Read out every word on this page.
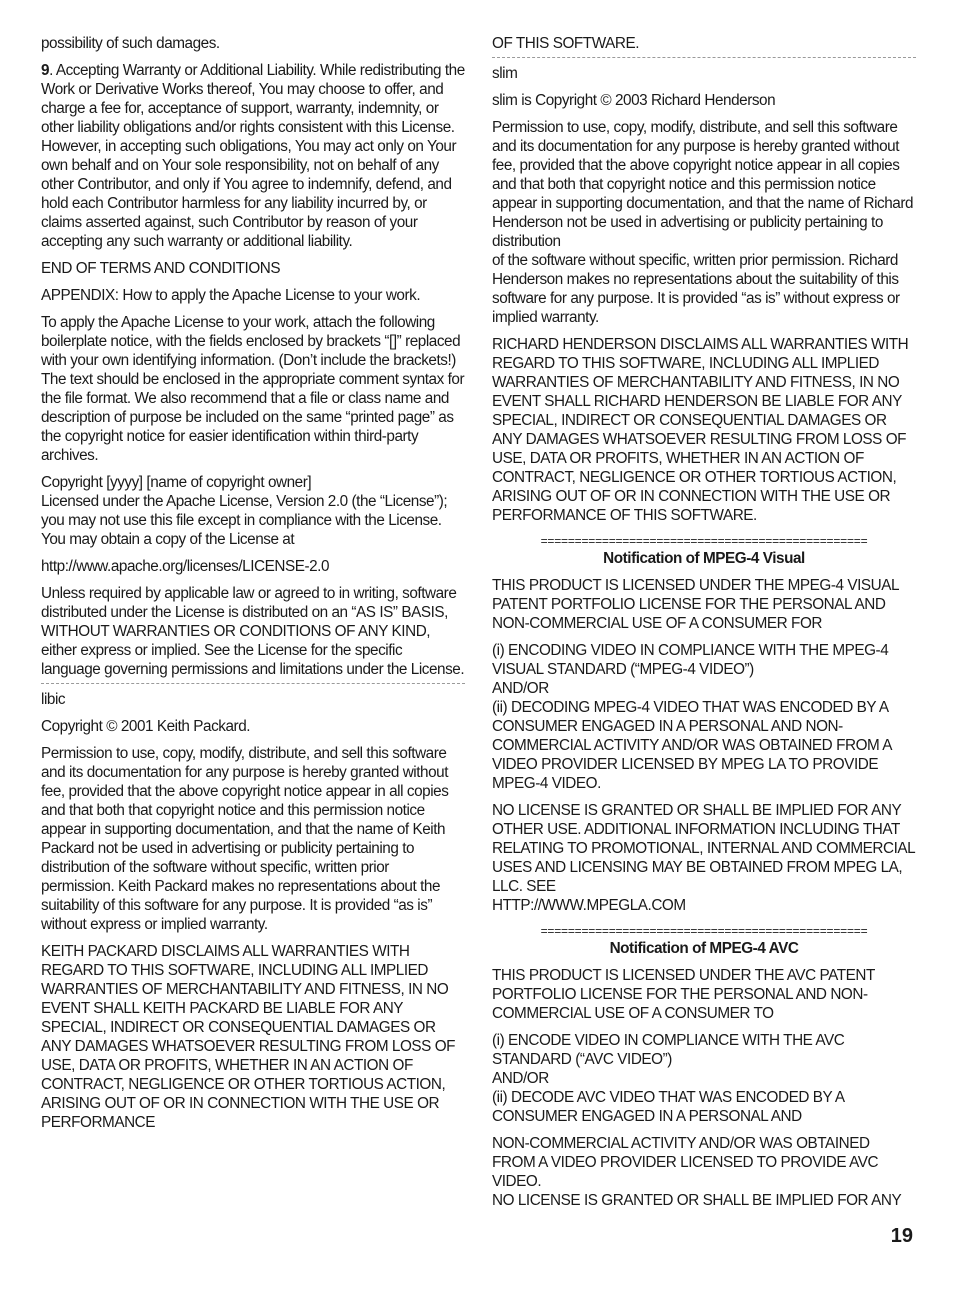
possibility of such damages.

9. Accepting Warranty or Additional Liability. While redistributing the Work or Derivative Works thereof, You may choose to offer, and charge a fee for, acceptance of support, warranty, indemnity, or other liability obligations and/or rights consistent with this License. However, in accepting such obligations, You may act only on Your own behalf and on Your sole responsibility, not on behalf of any other Contributor, and only if You agree to indemnify, defend, and hold each Contributor harmless for any liability incurred by, or claims asserted against, such Contributor by reason of your accepting any such warranty or additional liability.

END OF TERMS AND CONDITIONS

APPENDIX: How to apply the Apache License to your work.

To apply the Apache License to your work, attach the following boilerplate notice, with the fields enclosed by brackets “[]” replaced with your own identifying information. (Don’t include the brackets!) The text should be enclosed in the appropriate comment syntax for the file format. We also recommend that a file or class name and description of purpose be included on the same “printed page” as the copyright notice for easier identification within third-party archives.

Copyright [yyyy] [name of copyright owner]
Licensed under the Apache License, Version 2.0 (the “License”); you may not use this file except in compliance with the License.
You may obtain a copy of the License at

http://www.apache.org/licenses/LICENSE-2.0

Unless required by applicable law or agreed to in writing, software distributed under the License is distributed on an “AS IS” BASIS, WITHOUT WARRANTIES OR CONDITIONS OF ANY KIND, either express or implied. See the License for the specific language governing permissions and limitations under the License.

libic

Copyright © 2001 Keith Packard.

Permission to use, copy, modify, distribute, and sell this software and its documentation for any purpose is hereby granted without fee, provided that the above copyright notice appear in all copies and that both that copyright notice and this permission notice appear in supporting documentation, and that the name of Keith Packard not be used in advertising or publicity pertaining to distribution of the software without specific, written prior permission. Keith Packard makes no representations about the suitability of this software for any purpose. It is provided “as is” without express or implied warranty.

KEITH PACKARD DISCLAIMS ALL WARRANTIES WITH REGARD TO THIS SOFTWARE, INCLUDING ALL IMPLIED WARRANTIES OF MERCHANTABILITY AND FITNESS, IN NO EVENT SHALL KEITH PACKARD BE LIABLE FOR ANY SPECIAL, INDIRECT OR CONSEQUENTIAL DAMAGES OR ANY DAMAGES WHATSOEVER RESULTING FROM LOSS OF USE, DATA OR PROFITS, WHETHER IN AN ACTION OF CONTRACT, NEGLIGENCE OR OTHER TORTIOUS ACTION, ARISING OUT OF OR IN CONNECTION WITH THE USE OR PERFORMANCE

OF THIS SOFTWARE.

slim

slim is Copyright © 2003 Richard Henderson

Permission to use, copy, modify, distribute, and sell this software and its documentation for any purpose is hereby granted without fee, provided that the above copyright notice appear in all copies and that both that copyright notice and this permission notice appear in supporting documentation, and that the name of Richard Henderson not be used in advertising or publicity pertaining to distribution
of the software without specific, written prior permission. Richard Henderson makes no representations about the suitability of this software for any purpose. It is provided “as is” without express or implied warranty.

RICHARD HENDERSON DISCLAIMS ALL WARRANTIES WITH REGARD TO THIS SOFTWARE, INCLUDING ALL IMPLIED WARRANTIES OF MERCHANTABILITY AND FITNESS, IN NO EVENT SHALL RICHARD HENDERSON BE LIABLE FOR ANY SPECIAL, INDIRECT OR CONSEQUENTIAL DAMAGES OR ANY DAMAGES WHATSOEVER RESULTING FROM LOSS OF USE, DATA OR PROFITS, WHETHER IN AN ACTION OF CONTRACT, NEGLIGENCE OR OTHER TORTIOUS ACTION, ARISING OUT OF OR IN CONNECTION WITH THE USE OR PERFORMANCE OF THIS SOFTWARE.

================================================
Notification of MPEG-4 Visual

THIS PRODUCT IS LICENSED UNDER THE MPEG-4 VISUAL PATENT PORTFOLIO LICENSE FOR THE PERSONAL AND NON-COMMERCIAL USE OF A CONSUMER FOR

(i) ENCODING VIDEO IN COMPLIANCE WITH THE MPEG-4 VISUAL STANDARD (“MPEG-4 VIDEO”)
AND/OR
(ii) DECODING MPEG-4 VIDEO THAT WAS ENCODED BY A CONSUMER ENGAGED IN A PERSONAL AND NON-COMMERCIAL ACTIVITY AND/OR WAS OBTAINED FROM A VIDEO PROVIDER LICENSED BY MPEG LA TO PROVIDE MPEG-4 VIDEO.

NO LICENSE IS GRANTED OR SHALL BE IMPLIED FOR ANY OTHER USE. ADDITIONAL INFORMATION INCLUDING THAT RELATING TO PROMOTIONAL, INTERNAL AND COMMERCIAL USES AND LICENSING MAY BE OBTAINED FROM MPEG LA, LLC. SEE
HTTP://WWW.MPEGLA.COM

================================================
Notification of MPEG-4 AVC

THIS PRODUCT IS LICENSED UNDER THE AVC PATENT PORTFOLIO LICENSE FOR THE PERSONAL AND NON-COMMERCIAL USE OF A CONSUMER TO

(i) ENCODE VIDEO IN COMPLIANCE WITH THE AVC STANDARD (“AVC VIDEO”)
AND/OR
(ii) DECODE AVC VIDEO THAT WAS ENCODED BY A CONSUMER ENGAGED IN A PERSONAL AND

NON-COMMERCIAL ACTIVITY AND/OR WAS OBTAINED FROM A VIDEO PROVIDER LICENSED TO PROVIDE AVC VIDEO.
NO LICENSE IS GRANTED OR SHALL BE IMPLIED FOR ANY

19
